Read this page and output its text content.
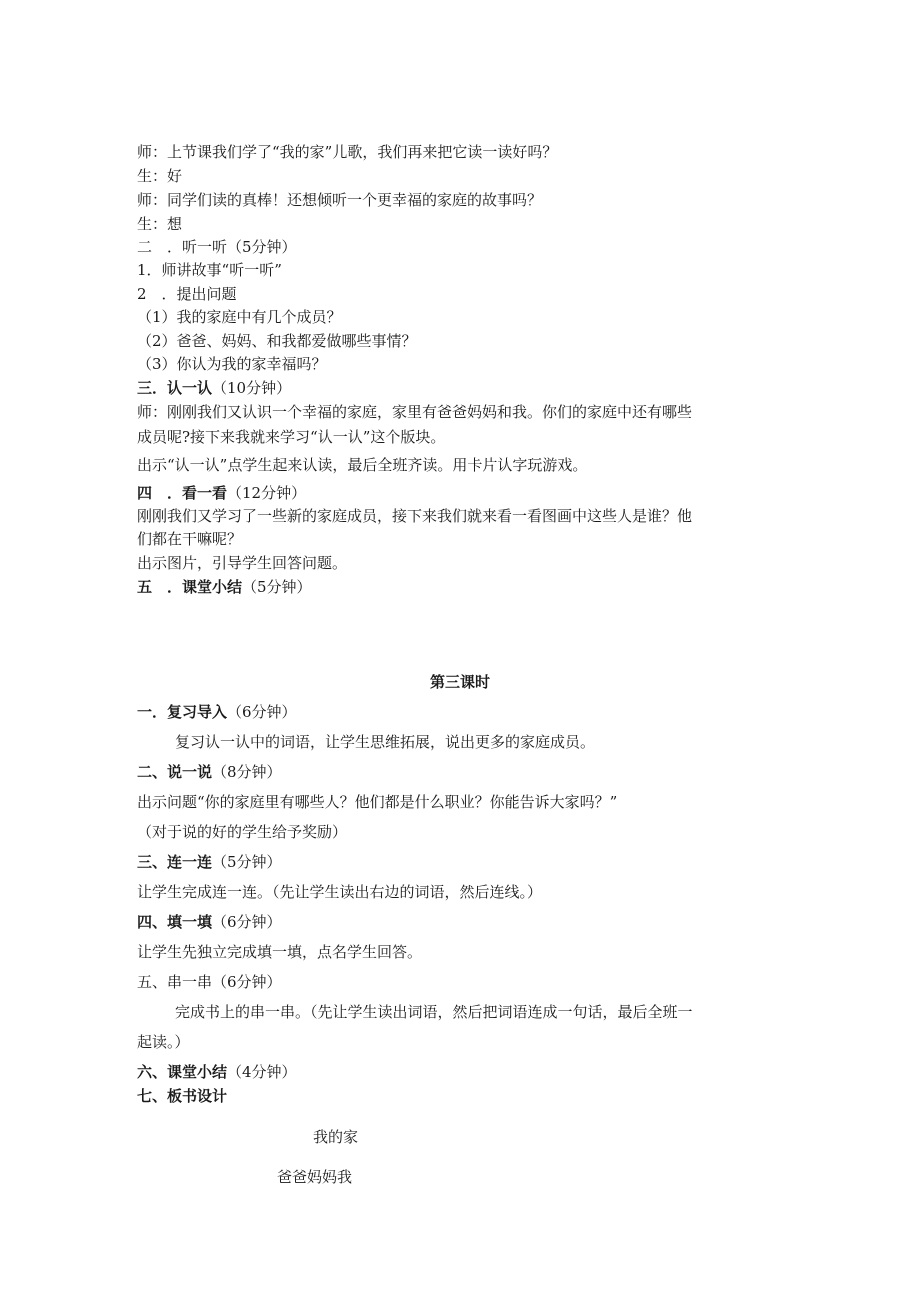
师：上节课我们学了“我的家”儿歌，我们再来把它读一读好吗？
生：好
师：同学们读的真棒！还想倾听一个更幸福的家庭的故事吗？
生：想
二　．听一听（5分钟）
1．师讲故事“听一听”
2　．提出问题
（1）我的家庭中有几个成员？
（2）爸爸、妈妈、和我都爱做哪些事情？
（3）你认为我的家幸福吗？
三．认一认（10分钟）
师：刚刚我们又认识一个幸福的家庭，家里有爸爸妈妈和我。你们的家庭中还有哪些
成员呢?接下来我就来学习“认一认”这个版块。
出示“认一认”点学生起来认读，最后全班齐读。用卡片认字玩游戏。
四　．看一看（12分钟）
刚刚我们又学习了一些新的家庭成员，接下来我们就来看一看图画中这些人是谁？他
们都在干嘛呢？
出示图片，引导学生回答问题。
五　．课堂小结（5分钟）
第三课时
一．复习导入（6分钟）
复习认一认中的词语，让学生思维拓展，说出更多的家庭成员。
二、说一说（8分钟）
出示问题“你的家庭里有哪些人？他们都是什么职业？你能告诉大家吗？”
（对于说的好的学生给予奖励）
三、连一连（5分钟）
让学生完成连一连。（先让学生读出右边的词语，然后连线。）
四、填一填（6分钟）
让学生先独立完成填一填，点名学生回答。
五、串一串（6分钟）
完成书上的串一串。（先让学生读出词语，然后把词语连成一句话，最后全班一
起读。）
六、课堂小结（4分钟）
七、板书设计
我的家
爸爸妈妈我
